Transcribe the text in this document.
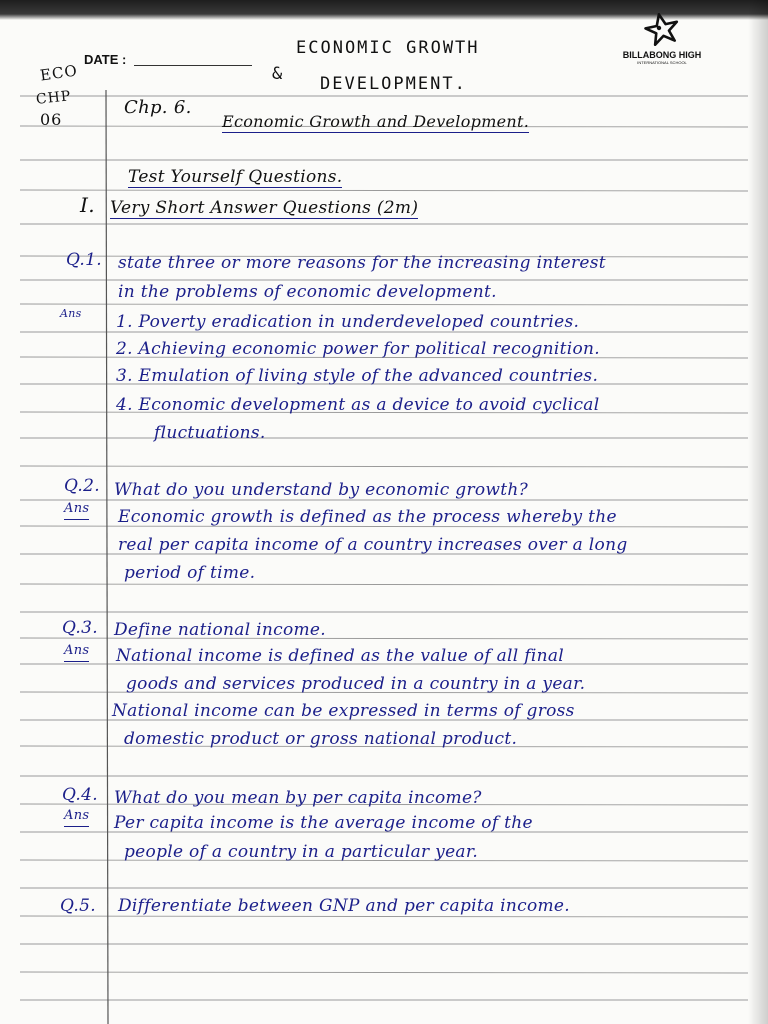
DATE :
ECONOMIC GROWTH
& DEVELOPMENT.
BILLABONG HIGH
INTERNATIONAL SCHOOL
ECO
CHP
06
Chp. 6.
Economic Growth and Development.
Test Yourself Questions.
I. Very Short Answer Questions (2m)
Q.1. state three or more reasons for the increasing interest
in the problems of economic development.
Ans 1. Poverty eradication in underdeveloped countries.
2. Achieving economic power for political recognition.
3. Emulation of living style of the advanced countries.
4. Economic development as a device to avoid cyclical
fluctuations.
Q.2. What do you understand by economic growth?
Ans Economic growth is defined as the process whereby the
real per capita income of a country increases over a long
period of time.
Q.3. Define national income.
Ans National income is defined as the value of all final
goods and services produced in a country in a year.
National income can be expressed in terms of gross
domestic product or gross national product.
Q.4. What do you mean by per capita income?
Ans Per capita income is the average income of the
people of a country in a particular year.
Q.5. Differentiate between GNP and per capita income.
